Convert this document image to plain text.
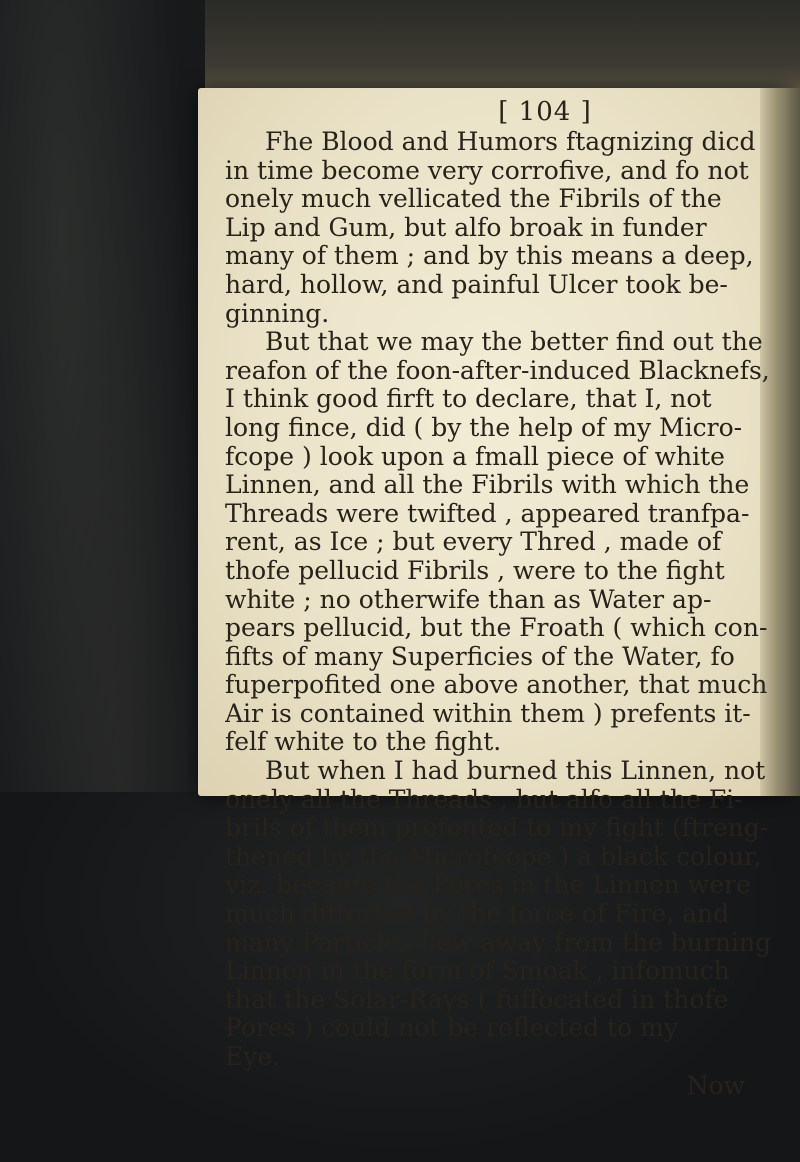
[ 104 ]
Fhe Blood and Humors ftagnizing dicd
in time become very corrofive, and fo not
onely much vellicated the Fibrils of the
Lip and Gum, but alfo broak in funder
many of them ; and by this means a deep,
hard, hollow, and painful Ulcer took be-
ginning.
But that we may the better find out the
reafon of the foon-after-induced Blacknefs,
I think good firft to declare, that I, not
long fince, did ( by the help of my Micro-
fcope ) look upon a fmall piece of white
Linnen, and all the Fibrils with which the
Threads were twifted , appeared tranfpa-
rent, as Ice ; but every Thred , made of
thofe pellucid Fibrils , were to the fight
white ; no otherwife than as Water ap-
pears pellucid, but the Froath ( which con-
fifts of many Superficies of the Water, fo
fuperpofited one above another, that much
Air is contained within them ) prefents it-
felf white to the fight.
But when I had burned this Linnen, not
onely all the Threads , but alfo all the Fi-
brils of them prefented to my fight (ftreng-
thened by the Microfcope ) a black colour,
viz. becaufe the Pores in the Linnen were
much diftorted by the force of Fire, and
many Particles flew away from the burning
Linnen in the form of Smoak , infomuch
that the Solar-Rays ( fuffocated in thofe
Pores ) could not be reflected to my
Eye.
Now
